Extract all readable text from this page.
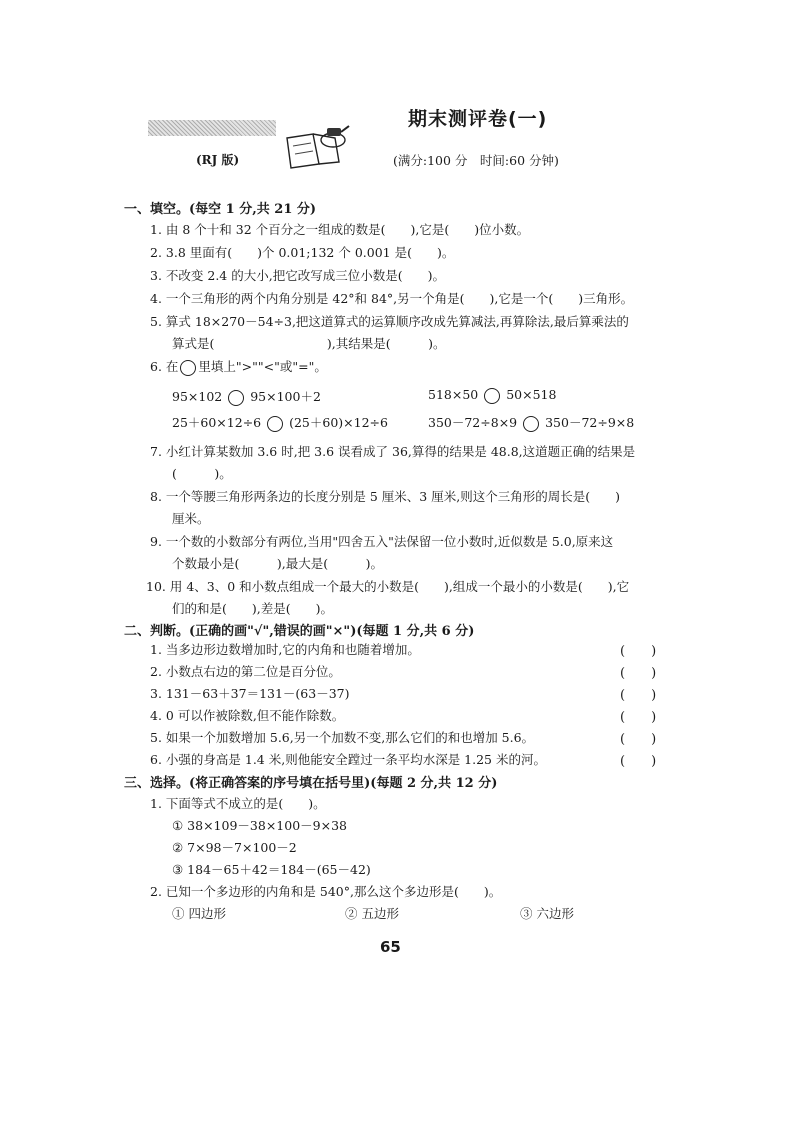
期末测评卷(一)
(RJ 版)	(满分:100 分　时间:60 分钟)
一、填空。(每空 1 分,共 21 分)
1. 由 8 个十和 32 个百分之一组成的数是(　　),它是(　　)位小数。
2. 3.8 里面有(　　)个 0.01;132 个 0.001 是(　　)。
3. 不改变 2.4 的大小,把它改写成三位小数是(　　)。
4. 一个三角形的两个内角分别是 42°和 84°,另一个角是(　　),它是一个(　　)三角形。
5. 算式 18×270－54÷3,把这道算式的运算顺序改成先算减法,再算除法,最后算乘法的
算式是(　　　　　　　　　),其结果是(　　　)。
6. 在 里填上">""<"或"="。
95×102 95×100＋2	518×50 50×518
25＋60×12÷6 (25＋60)×12÷6	350－72÷8×9 350－72÷9×8
7. 小红计算某数加 3.6 时,把 3.6 误看成了 36,算得的结果是 48.8,这道题正确的结果是
(　　　)。
8. 一个等腰三角形两条边的长度分别是 5 厘米、3 厘米,则这个三角形的周长是(　　)
厘米。
9. 一个数的小数部分有两位,当用"四舍五入"法保留一位小数时,近似数是 5.0,原来这
个数最小是(　　　),最大是(　　　)。
10. 用 4、3、0 和小数点组成一个最大的小数是(　　),组成一个最小的小数是(　　),它
们的和是(　　),差是(　　)。
二、判断。(正确的画"√",错误的画"×")(每题 1 分,共 6 分)
1. 当多边形边数增加时,它的内角和也随着增加。	(　　)
2. 小数点右边的第二位是百分位。	(　　)
3. 131－63＋37＝131－(63－37)	(　　)
4. 0 可以作被除数,但不能作除数。	(　　)
5. 如果一个加数增加 5.6,另一个加数不变,那么它们的和也增加 5.6。	(　　)
6. 小强的身高是 1.4 米,则他能安全蹚过一条平均水深是 1.25 米的河。	(　　)
三、选择。(将正确答案的序号填在括号里)(每题 2 分,共 12 分)
1. 下面等式不成立的是(　　)。
① 38×109－38×100－9×38
② 7×98－7×100－2
③ 184－65＋42＝184－(65－42)
2. 已知一个多边形的内角和是 540°,那么这个多边形是(　　)。
① 四边形	② 五边形	③ 六边形
65
